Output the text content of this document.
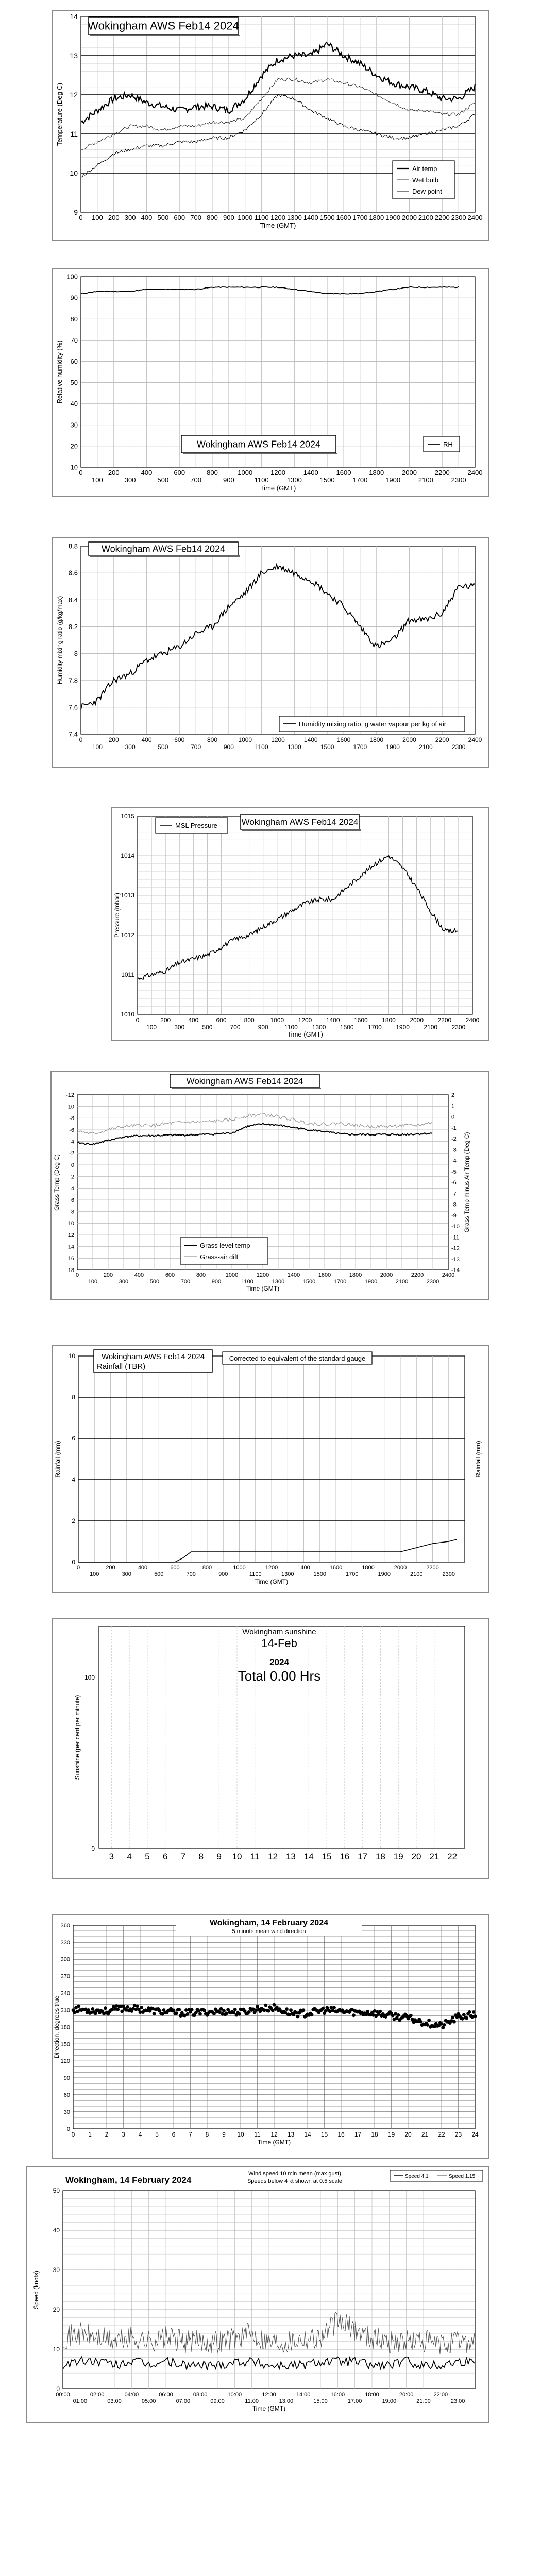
0 100 200 300 400 500 600 700 800 900 1000 1100 1200 1300 1400 1500 1600 1700 1800 1900 2000 2100 2200 2300 2400
9
10
11
12
13
14
Time (GMT)
Temperature (Deg C)
Wokingham AWS Feb14 2024
Air temp
Wet bulb
Dew point
0
100
200
300
400
500
600
700
800
900
1000
1100
1200
1300
1400
1500
1600
1700
1800
1900
2000
2100
2200
2300
2400
10
20
30
40
50
60
70
80
90
100
Time (GMT)
Relative humidity (%)
Wokingham AWS Feb14 2024	RH
0
100
200
300
400
500
600
700
800
900
1000
1100
1200
1300
1400
1500
1600
1700
1800
1900
2000
2100
2200
2300
2400
7.4
7.6
7.8
8
8.2
8.4
8.6
8.8
Humidity mixing ratio (g/kg/max)
Wokingham AWS Feb14 2024
Humidity mixing ratio, g water vapour per kg of air
0
100
200
300
400
500
600
700
800
900
1000
1100
1200
1300
1400
1500
1600
1700
1800
1900
2000
2100
2200
2300
2400
1010
1011
1012
1013
1014
1015
Time (GMT)
Pressure (mbar)
MSL Pressure	Wokingham AWS Feb14 2024
0
100
200
300
400
500
600
700
800
900
1000
1100
1200
1300
1400
1500
1600
1700
1800
1900
2000
2100
2200
2300
2400
18
16
14
12
10
8
6
4
2
0
-2
-4
-6
-8
-10
-12	2
1
0
-1
-2
-3
-4
-5
-6
-7
-8
-9
-10
-11
-12
-13
-14
Time (GMT)
Grass Temp (Deg C)	Grass Temp minus Air Temp (Deg C)
Wokingham AWS Feb14 2024
Grass level temp
Grass-air diff
0	200	400	600	800	1000	1200	1400	1600	1800	2000	2200
100	300	500	700	900	1100	1300	1500	1700	1900	2100	2300
0
2
4
6
8
10
Time (GMT)
Rainfall (mm)	Rainfall (mm)
Wokingham AWS Feb14 2024
Rainfall (TBR)
Corrected to equivalent of the standard gauge
3 4 5 6 7 8 9 10 11 12 13 14 15 16 17 18 19 20 21 22
0
100
Sunshine (per cent per minute)
Wokingham sunshine
14-Feb
2024
Total 0.00 Hrs
0 1 2 3 4 5 6 7 8 9 10 11 12 13 14 15 16 17 18 19 20 21 22 23 24
0
30
60
90
120
150
180
210
240
270
300
330
360
Time (GMT)
Direction, degrees true
Wokingham, 14 February 2024
5 minute mean wind direction
00:00	02:00	04:00	06:00	08:00	10:00	12:00	14:00	16:00	18:00	20:00	22:00
01:00	03:00	05:00	07:00	09:00	11:00	13:00	15:00	17:00	19:00	21:00	23:00
0
10
20
30
40
50
Time (GMT)
Speed (knots)
Wokingham, 14 February 2024
Wind speed 10 min mean (max gust)
Speeds below 4 kt shown at 0.5 scale
Speed 4.1	Speed 1.15
